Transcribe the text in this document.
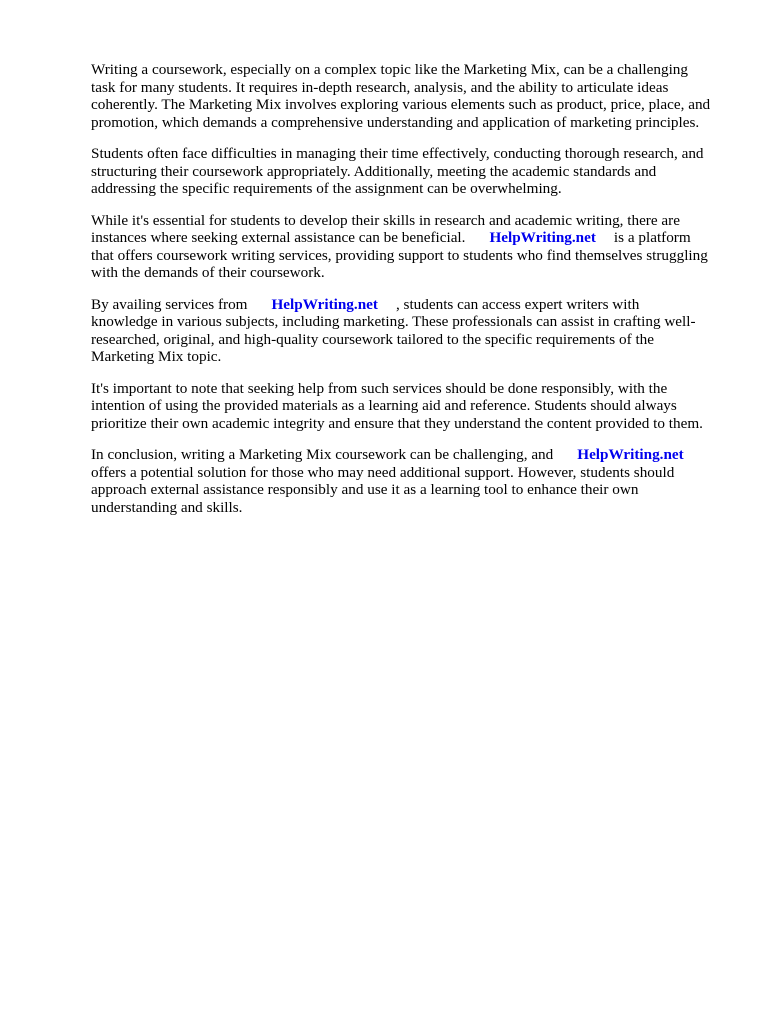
Writing a coursework, especially on a complex topic like the Marketing Mix, can be a challenging
task for many students. It requires in-depth research, analysis, and the ability to articulate ideas
coherently. The Marketing Mix involves exploring various elements such as product, price, place, and
promotion, which demands a comprehensive understanding and application of marketing principles.

Students often face difficulties in managing their time effectively, conducting thorough research, and
structuring their coursework appropriately. Additionally, meeting the academic standards and
addressing the specific requirements of the assignment can be overwhelming.

While it's essential for students to develop their skills in research and academic writing, there are
instances where seeking external assistance can be beneficial. HelpWriting.net is a platform
that offers coursework writing services, providing support to students who find themselves struggling
with the demands of their coursework.

By availing services from HelpWriting.net , students can access expert writers with
knowledge in various subjects, including marketing. These professionals can assist in crafting well-
researched, original, and high-quality coursework tailored to the specific requirements of the
Marketing Mix topic.

It's important to note that seeking help from such services should be done responsibly, with the
intention of using the provided materials as a learning aid and reference. Students should always
prioritize their own academic integrity and ensure that they understand the content provided to them.

In conclusion, writing a Marketing Mix coursework can be challenging, and HelpWriting.net
offers a potential solution for those who may need additional support. However, students should
approach external assistance responsibly and use it as a learning tool to enhance their own
understanding and skills.
